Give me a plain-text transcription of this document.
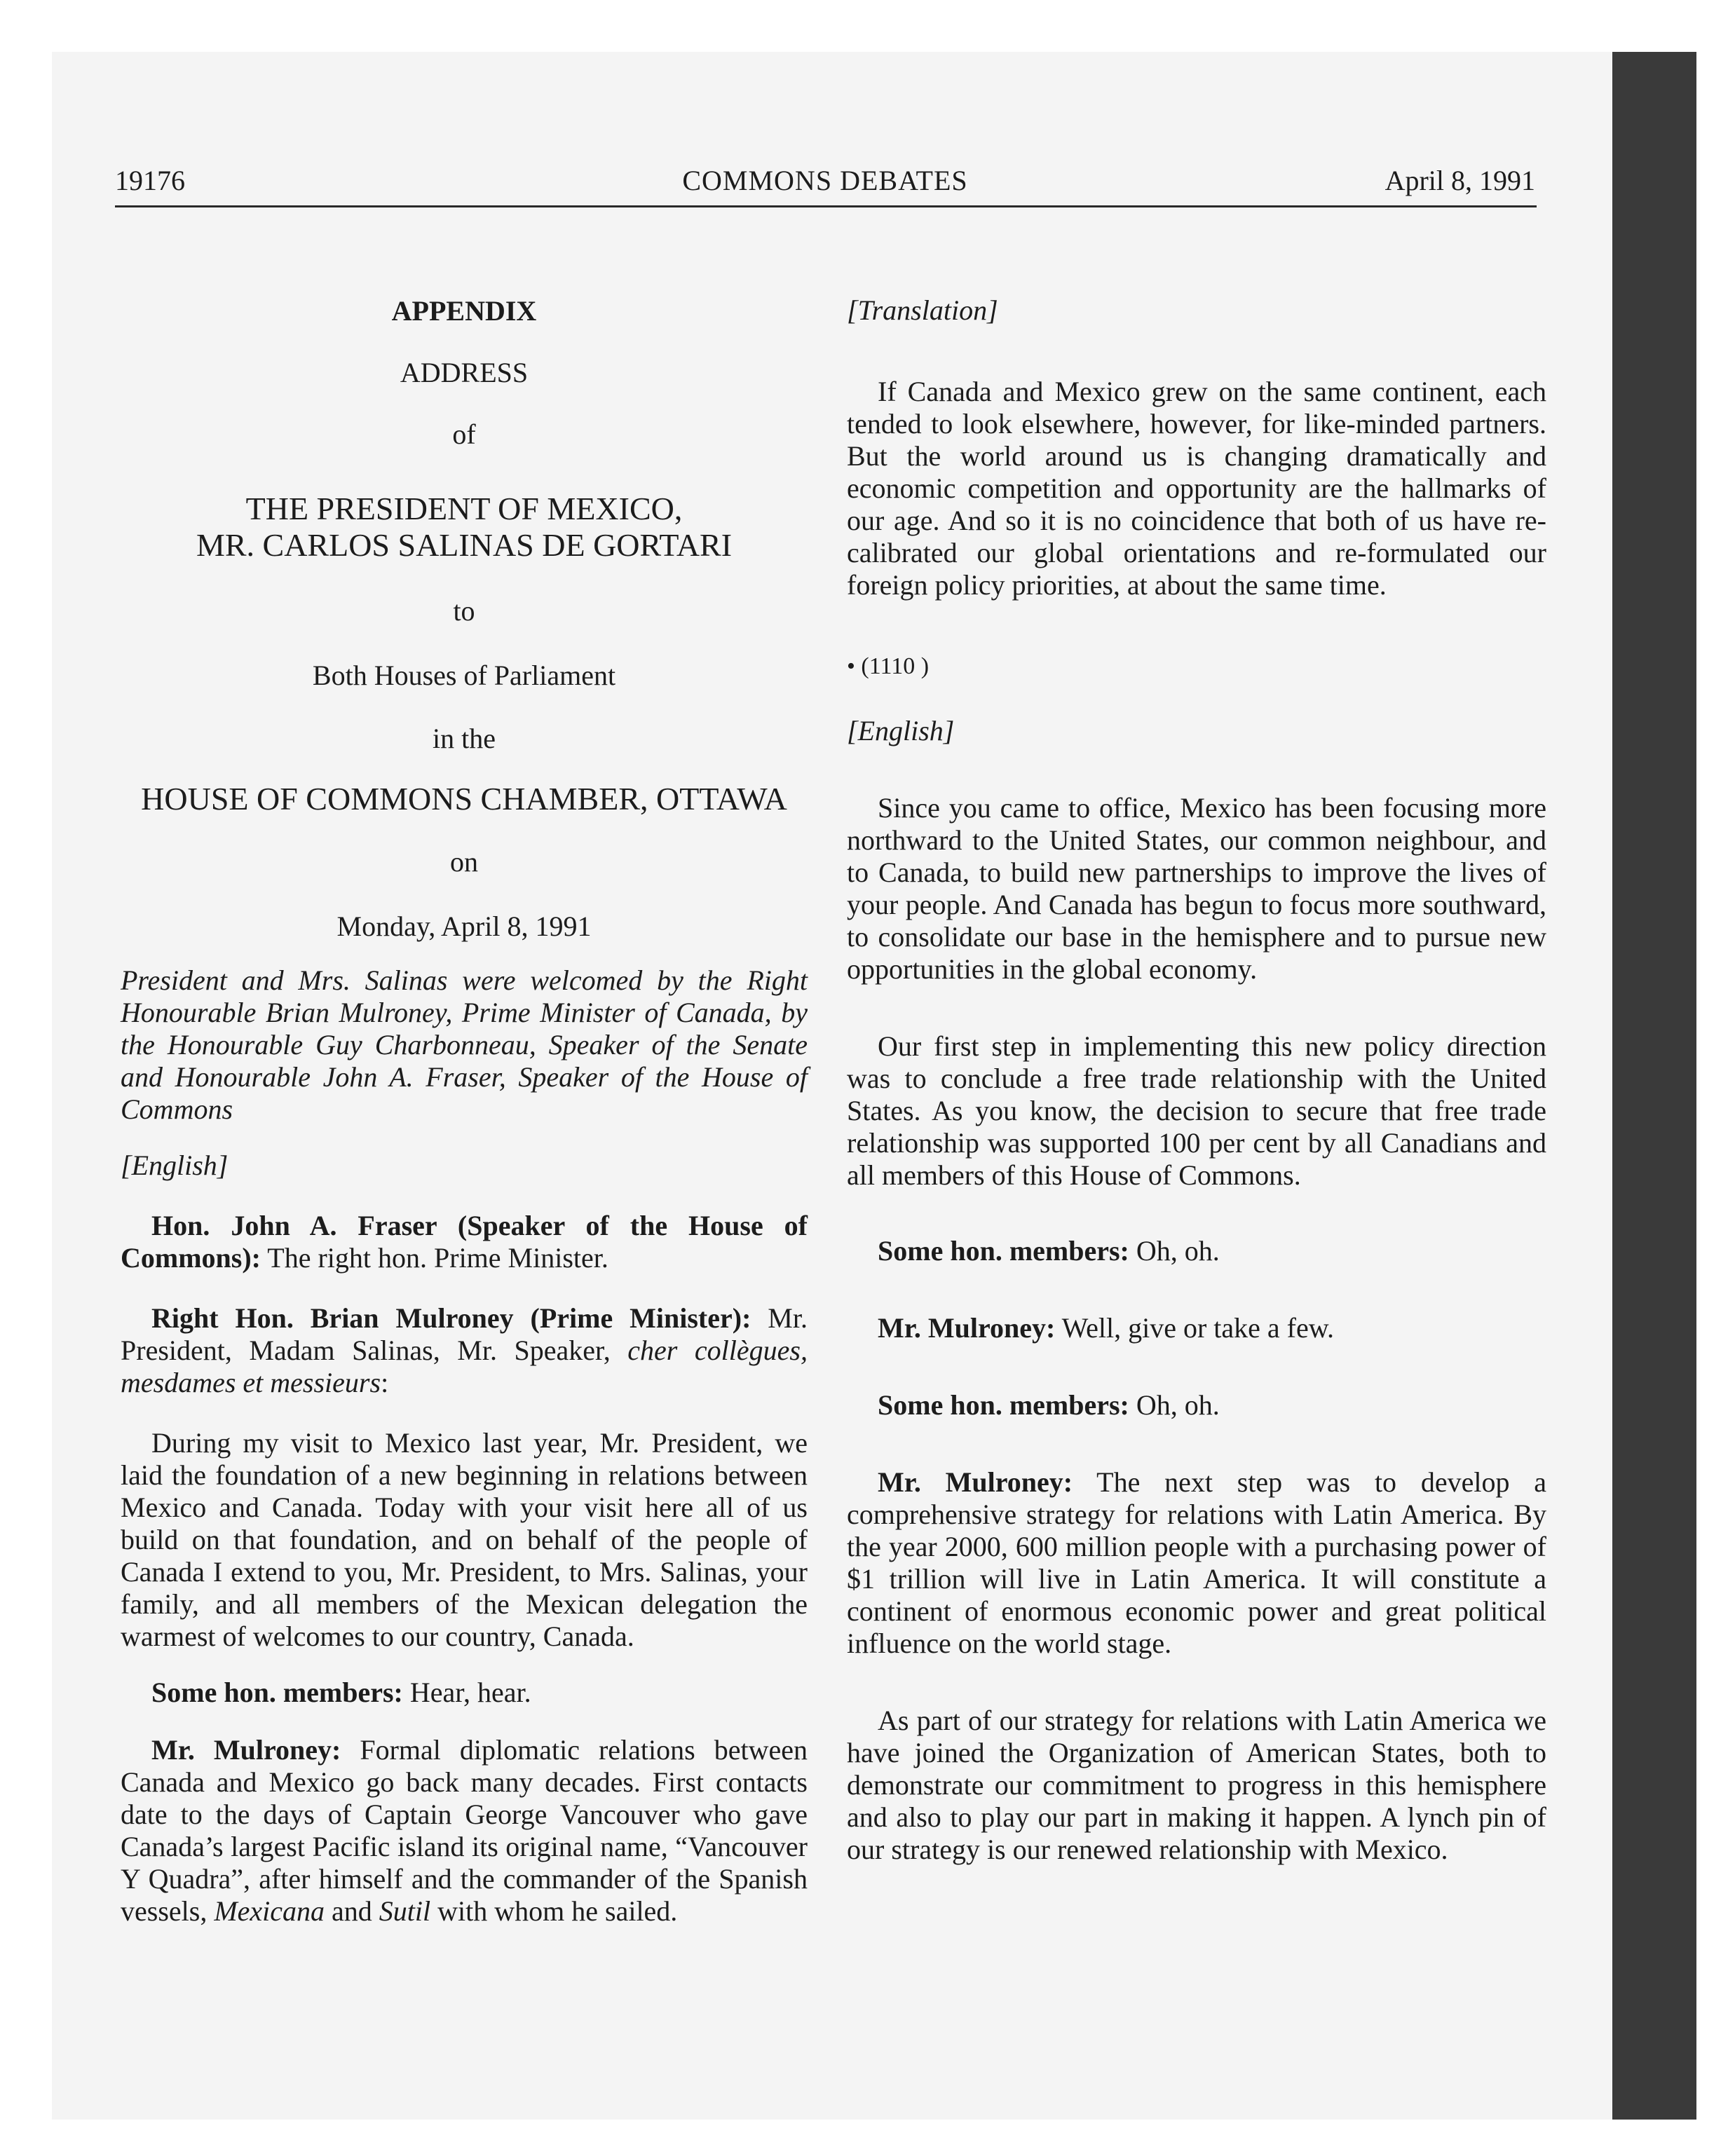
19176	COMMONS DEBATES	April 8, 1991
APPENDIX
ADDRESS
of
THE PRESIDENT OF MEXICO,
MR. CARLOS SALINAS DE GORTARI
to
Both Houses of Parliament
in the
HOUSE OF COMMONS CHAMBER, OTTAWA
on
Monday, April 8, 1991

President and Mrs. Salinas were welcomed by the Right Honourable Brian Mulroney, Prime Minister of Canada, by the Honourable Guy Charbonneau, Speaker of the Senate and Honourable John A. Fraser, Speaker of the House of Commons

[English]

Hon. John A. Fraser (Speaker of the House of Commons): The right hon. Prime Minister.

Right Hon. Brian Mulroney (Prime Minister): Mr. President, Madam Salinas, Mr. Speaker, cher collègues, mesdames et messieurs:

During my visit to Mexico last year, Mr. President, we laid the foundation of a new beginning in relations between Mexico and Canada. Today with your visit here all of us build on that foundation, and on behalf of the people of Canada I extend to you, Mr. President, to Mrs. Salinas, your family, and all members of the Mexican delegation the warmest of welcomes to our country, Canada.

Some hon. members: Hear, hear.

Mr. Mulroney: Formal diplomatic relations between Canada and Mexico go back many decades. First contacts date to the days of Captain George Vancouver who gave Canada’s largest Pacific island its original name, “Vancouver Y Quadra”, after himself and the commander of the Spanish vessels, Mexicana and Sutil with whom he sailed.

[Translation]

If Canada and Mexico grew on the same continent, each tended to look elsewhere, however, for like-minded partners. But the world around us is changing dramatically and economic competition and opportunity are the hallmarks of our age. And so it is no coincidence that both of us have re-calibrated our global orientations and re-formulated our foreign policy priorities, at about the same time.

• (1110 )

[English]

Since you came to office, Mexico has been focusing more northward to the United States, our common neighbour, and to Canada, to build new partnerships to improve the lives of your people. And Canada has begun to focus more southward, to consolidate our base in the hemisphere and to pursue new opportunities in the global economy.

Our first step in implementing this new policy direction was to conclude a free trade relationship with the United States. As you know, the decision to secure that free trade relationship was supported 100 per cent by all Canadians and all members of this House of Commons.

Some hon. members: Oh, oh.

Mr. Mulroney: Well, give or take a few.

Some hon. members: Oh, oh.

Mr. Mulroney: The next step was to develop a comprehensive strategy for relations with Latin America. By the year 2000, 600 million people with a purchasing power of $1 trillion will live in Latin America. It will constitute a continent of enormous economic power and great political influence on the world stage.

As part of our strategy for relations with Latin America we have joined the Organization of American States, both to demonstrate our commitment to progress in this hemisphere and also to play our part in making it happen. A lynch pin of our strategy is our renewed relationship with Mexico.
